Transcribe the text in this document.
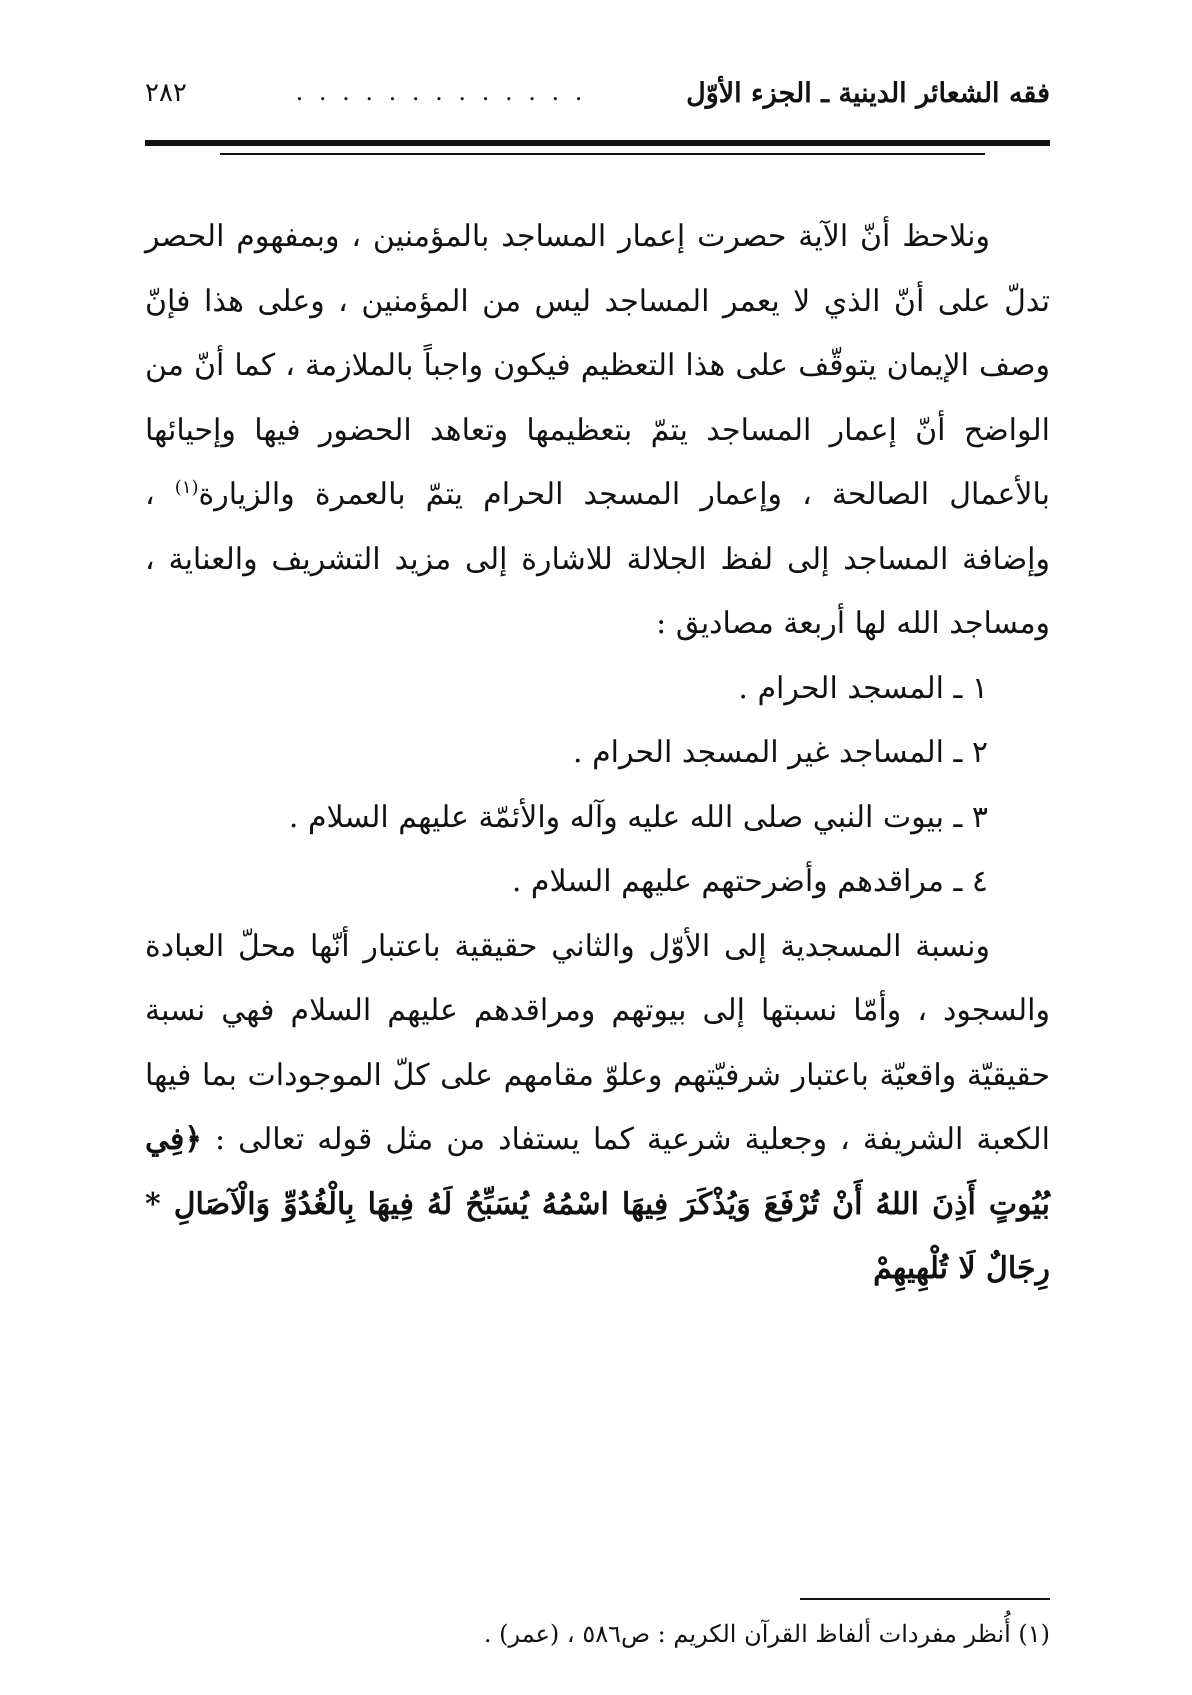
فقه الشعائر الدينية ـ الجزء الأوّل
. . . . . . . . . . . . .
٢٨٢

ونلاحظ أنّ الآية حصرت إعمار المساجد بالمؤمنين ، وبمفهوم الحصر تدلّ على أنّ الذي لا يعمر المساجد ليس من المؤمنين ، وعلى هذا فإنّ وصف الإيمان يتوقّف على هذا التعظيم فيكون واجباً بالملازمة ، كما أنّ من الواضح أنّ إعمار المساجد يتمّ بتعظيمها وتعاهد الحضور فيها وإحيائها بالأعمال الصالحة ، وإعمار المسجد الحرام يتمّ بالعمرة والزيارة$^{(١)}$ ، وإضافة المساجد إلى لفظ الجلالة للاشارة إلى مزيد التشريف والعناية ، ومساجد الله لها أربعة مصاديق :

١ ـ المسجد الحرام .

٢ ـ المساجد غير المسجد الحرام .

٣ ـ بيوت النبي صلى الله عليه وآله والأئمّة عليهم السلام .

٤ ـ مراقدهم وأضرحتهم عليهم السلام .

ونسبة المسجدية إلى الأوّل والثاني حقيقية باعتبار أنّها محلّ العبادة والسجود ، وأمّا نسبتها إلى بيوتهم ومراقدهم عليهم السلام فهي نسبة حقيقيّة واقعيّة باعتبار شرفيّتهم وعلوّ مقامهم على كلّ الموجودات بما فيها الكعبة الشريفة ، وجعلية شرعية كما يستفاد من مثل قوله تعالى : ﴿فِي بُيُوتٍ أَذِنَ اللهُ أَنْ تُرْفَعَ وَيُذْكَرَ فِيهَا اسْمُهُ يُسَبِّحُ لَهُ فِيهَا بِالْغُدُوِّ وَالْآصَالِ * رِجَالٌ لَا تُلْهِيهِمْ

(١) أُنظر مفردات ألفاظ القرآن الكريم : ص٥٨٦ ، (عمر) .
